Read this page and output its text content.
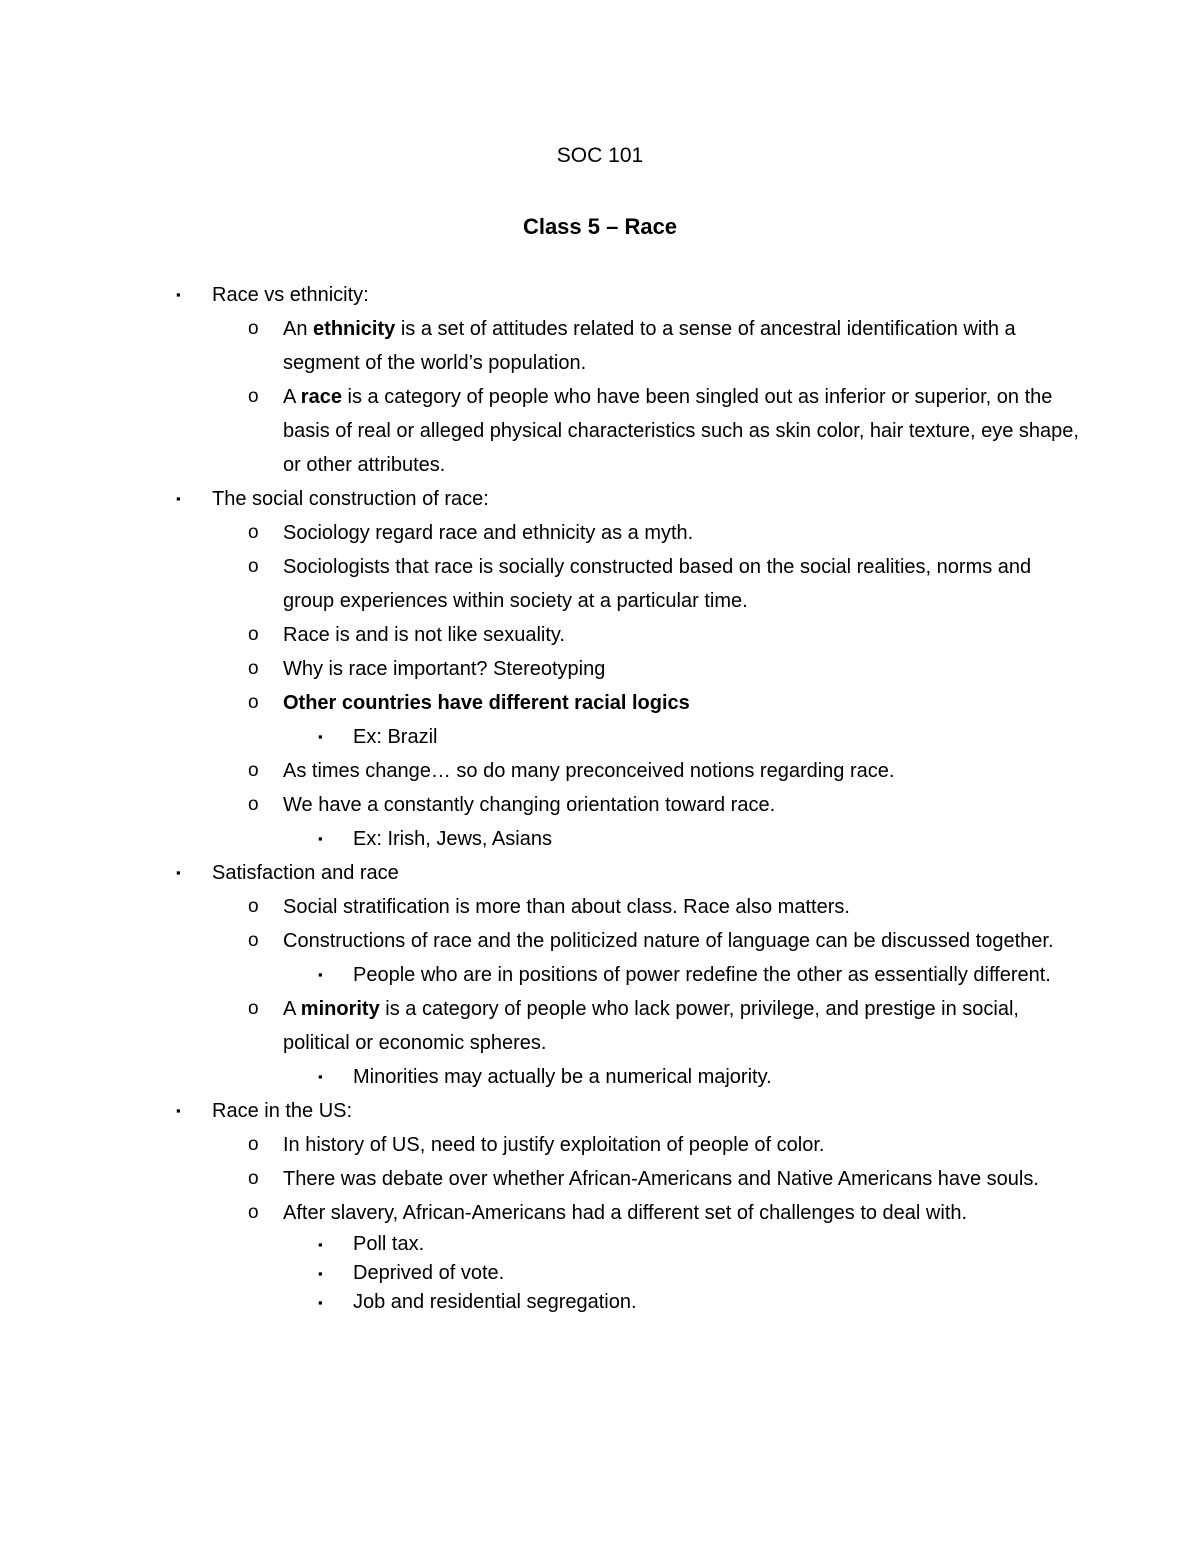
SOC 101
Class 5 – Race
▪ Race vs ethnicity:
o An ethnicity is a set of attitudes related to a sense of ancestral identification with a segment of the world’s population.
o A race is a category of people who have been singled out as inferior or superior, on the basis of real or alleged physical characteristics such as skin color, hair texture, eye shape, or other attributes.
▪ The social construction of race:
o Sociology regard race and ethnicity as a myth.
o Sociologists that race is socially constructed based on the social realities, norms and group experiences within society at a particular time.
o Race is and is not like sexuality.
o Why is race important? Stereotyping
o Other countries have different racial logics
▪ Ex: Brazil
o As times change… so do many preconceived notions regarding race.
o We have a constantly changing orientation toward race.
▪ Ex: Irish, Jews, Asians
▪ Satisfaction and race
o Social stratification is more than about class. Race also matters.
o Constructions of race and the politicized nature of language can be discussed together.
▪ People who are in positions of power redefine the other as essentially different.
o A minority is a category of people who lack power, privilege, and prestige in social, political or economic spheres.
▪ Minorities may actually be a numerical majority.
▪ Race in the US:
o In history of US, need to justify exploitation of people of color.
o There was debate over whether African-Americans and Native Americans have souls.
o After slavery, African-Americans had a different set of challenges to deal with.
▪ Poll tax.
▪ Deprived of vote.
▪ Job and residential segregation.
